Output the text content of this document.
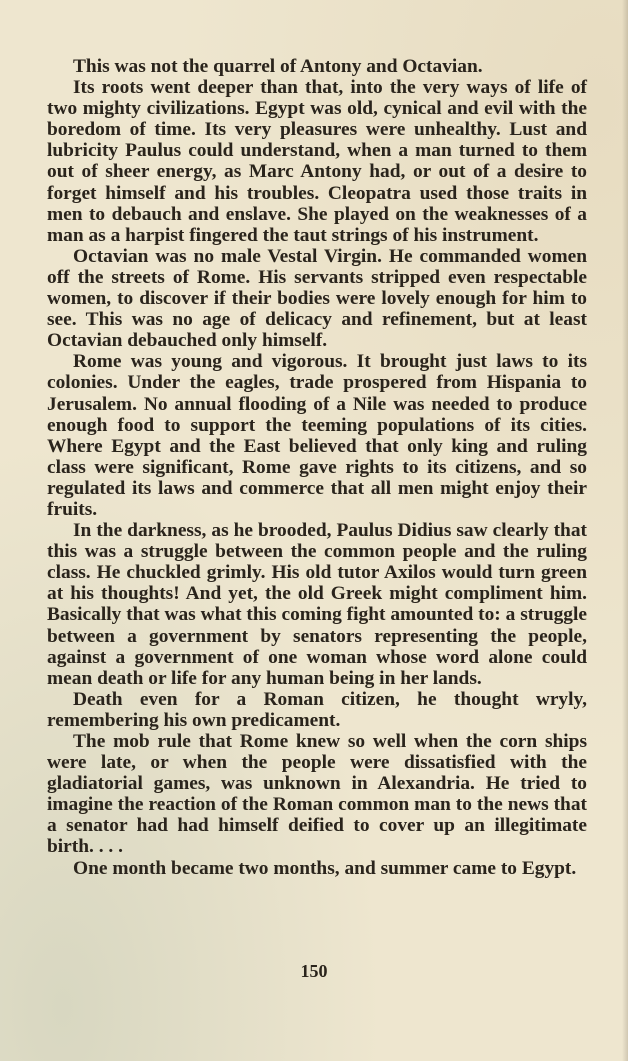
This was not the quarrel of Antony and Octavian.

Its roots went deeper than that, into the very ways of life of two mighty civilizations. Egypt was old, cynical and evil with the boredom of time. Its very pleasures were unhealthy. Lust and lubricity Paulus could understand, when a man turned to them out of sheer energy, as Marc Antony had, or out of a desire to forget himself and his troubles. Cleopatra used those traits in men to debauch and enslave. She played on the weaknesses of a man as a harpist fingered the taut strings of his instrument.

Octavian was no male Vestal Virgin. He commanded women off the streets of Rome. His servants stripped even respectable women, to discover if their bodies were lovely enough for him to see. This was no age of delicacy and refinement, but at least Octavian debauched only himself.

Rome was young and vigorous. It brought just laws to its colonies. Under the eagles, trade prospered from Hispania to Jerusalem. No annual flooding of a Nile was needed to produce enough food to support the teeming populations of its cities. Where Egypt and the East believed that only king and ruling class were significant, Rome gave rights to its citizens, and so regulated its laws and commerce that all men might enjoy their fruits.

In the darkness, as he brooded, Paulus Didius saw clearly that this was a struggle between the common people and the ruling class. He chuckled grimly. His old tutor Axilos would turn green at his thoughts! And yet, the old Greek might compliment him. Basically that was what this coming fight amounted to: a struggle between a government by senators representing the people, against a government of one woman whose word alone could mean death or life for any human being in her lands.

Death even for a Roman citizen, he thought wryly, remembering his own predicament.

The mob rule that Rome knew so well when the corn ships were late, or when the people were dissatisfied with the gladiatorial games, was unknown in Alexandria. He tried to imagine the reaction of the Roman common man to the news that a senator had had himself deified to cover up an illegitimate birth. . . .

One month became two months, and summer came to Egypt.

150
